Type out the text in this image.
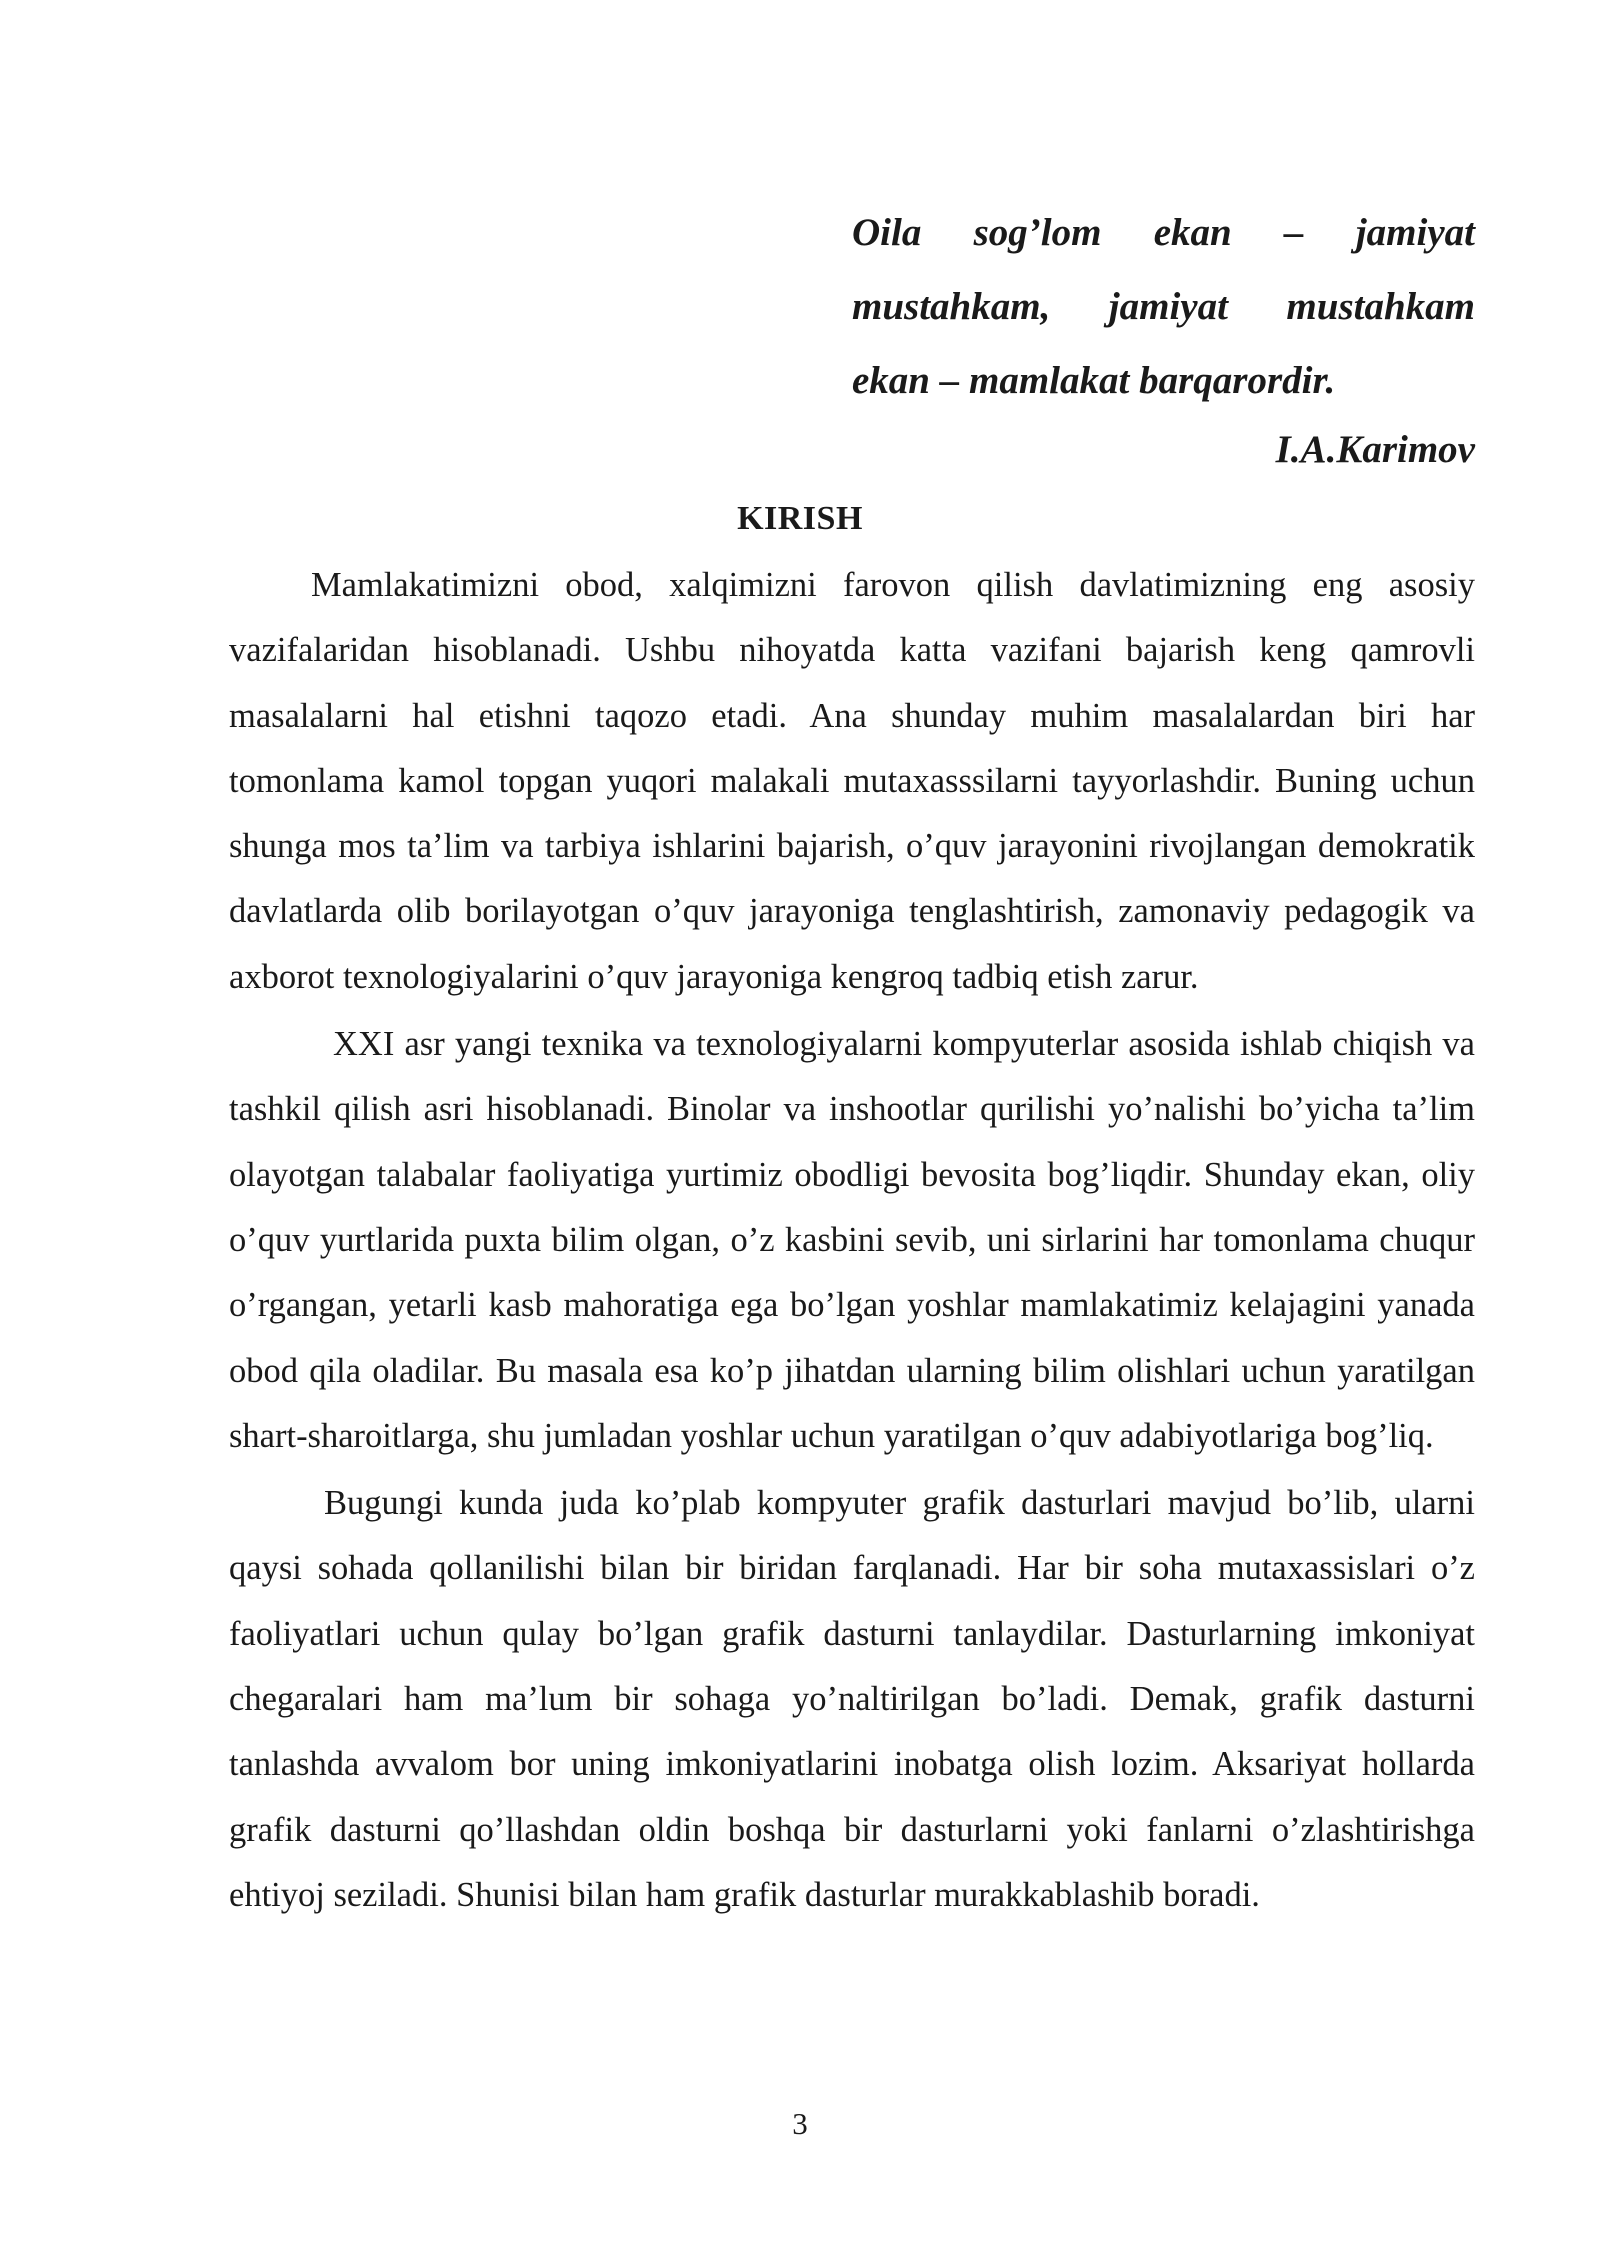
Oila sog’lom ekan – jamiyat
mustahkam, jamiyat mustahkam
ekan – mamlakat barqarordir.
I.A.Karimov
KIRISH

Mamlakatimizni obod, xalqimizni farovon qilish davlatimizning eng asosiy vazifalaridan hisoblanadi. Ushbu nihoyatda katta vazifani bajarish keng qamrovli masalalarni hal etishni taqozo etadi. Ana shunday muhim masalalardan biri har tomonlama kamol topgan yuqori malakali mutaxasssilarni tayyorlashdir. Buning uchun shunga mos ta’lim va tarbiya ishlarini bajarish, o’quv jarayonini rivojlangan demokratik davlatlarda olib borilayotgan o’quv jarayoniga tenglashtirish, zamonaviy pedagogik va axborot texnologiyalarini o’quv jarayoniga kengroq tadbiq etish zarur.

XXI asr yangi texnika va texnologiyalarni kompyuterlar asosida ishlab chiqish va tashkil qilish asri hisoblanadi. Binolar va inshootlar qurilishi yo’nalishi bo’yicha ta’lim olayotgan talabalar faoliyatiga yurtimiz obodligi bevosita bog’liqdir. Shunday ekan, oliy o’quv yurtlarida puxta bilim olgan, o’z kasbini sevib, uni sirlarini har tomonlama chuqur o’rgangan, yetarli kasb mahoratiga ega bo’lgan yoshlar mamlakatimiz kelajagini yanada obod qila oladilar. Bu masala esa ko’p jihatdan ularning bilim olishlari uchun yaratilgan shart-sharoitlarga, shu jumladan yoshlar uchun yaratilgan o’quv adabiyotlariga bog’liq.

Bugungi kunda juda ko’plab kompyuter grafik dasturlari mavjud bo’lib, ularni qaysi sohada qollanilishi bilan bir biridan farqlanadi. Har bir soha mutaxassislari o’z faoliyatlari uchun qulay bo’lgan grafik dasturni tanlaydilar. Dasturlarning imkoniyat chegaralari ham ma’lum bir sohaga yo’naltirilgan bo’ladi. Demak, grafik dasturni tanlashda avvalom bor uning imkoniyatlarini inobatga olish lozim. Aksariyat hollarda grafik dasturni qo’llashdan oldin boshqa bir dasturlarni yoki fanlarni o’zlashtirishga ehtiyoj seziladi. Shunisi bilan ham grafik dasturlar murakkablashib boradi.

3
